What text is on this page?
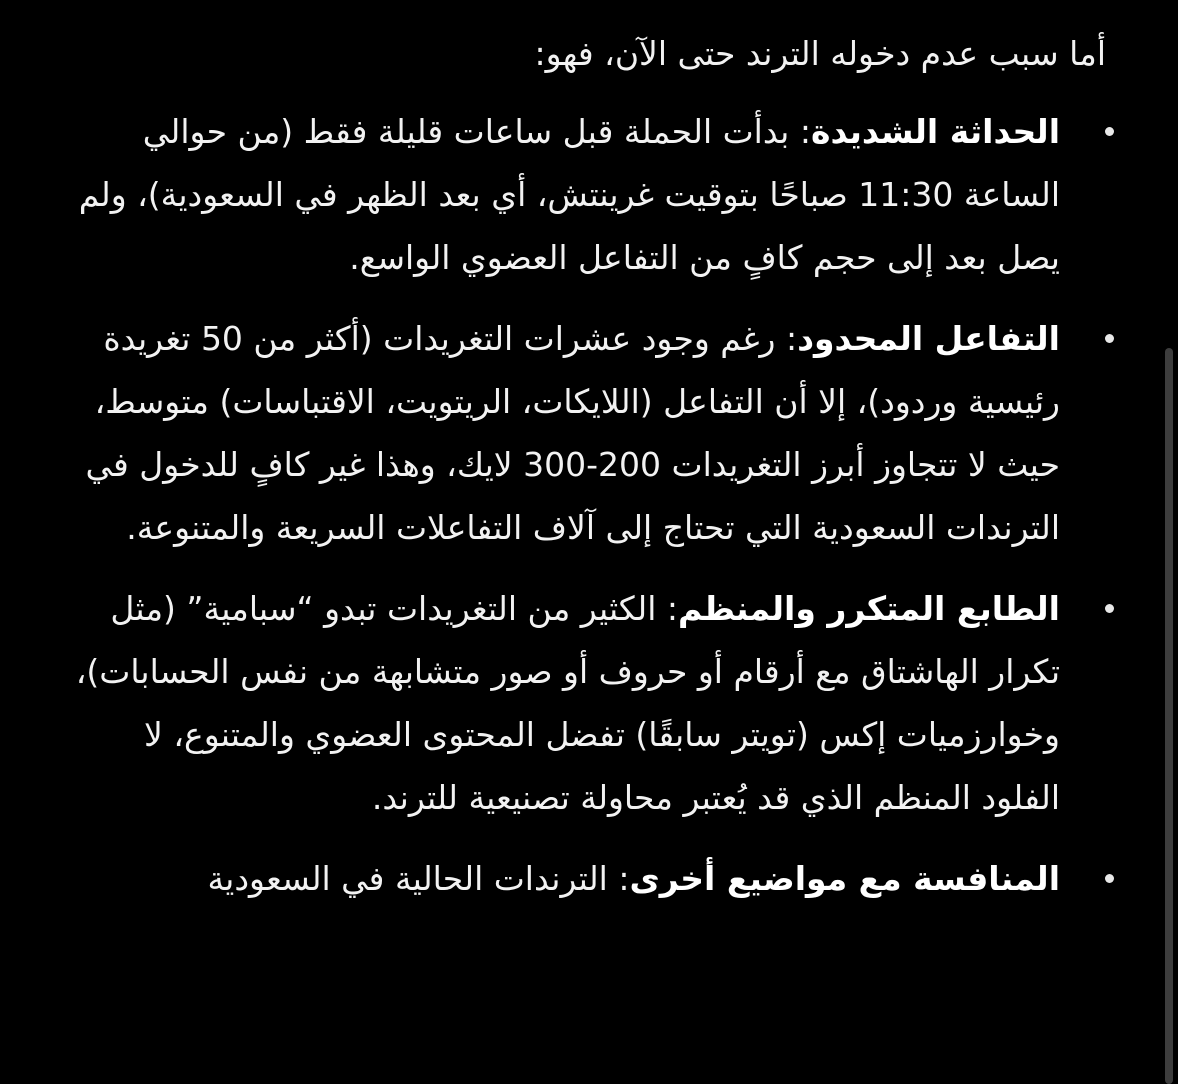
أما سبب عدم دخوله الترند حتى الآن، فهو:

الحداثة الشديدة: بدأت الحملة قبل ساعات قليلة فقط (من حوالي الساعة 11:30 صباحًا بتوقيت غرينتش، أي بعد الظهر في السعودية)، ولم يصل بعد إلى حجم كافٍ من التفاعل العضوي الواسع.
التفاعل المحدود: رغم وجود عشرات التغريدات (أكثر من 50 تغريدة رئيسية وردود)، إلا أن التفاعل (اللايكات، الريتويت، الاقتباسات) متوسط، حيث لا تتجاوز أبرز التغريدات 200-300 لايك، وهذا غير كافٍ للدخول في الترندات السعودية التي تحتاج إلى آلاف التفاعلات السريعة والمتنوعة.
الطابع المتكرر والمنظم: الكثير من التغريدات تبدو “سبامية” (مثل تكرار الهاشتاق مع أرقام أو حروف أو صور متشابهة من نفس الحسابات)، وخوارزميات إكس (تويتر سابقًا) تفضل المحتوى العضوي والمتنوع، لا الفلود المنظم الذي قد يُعتبر محاولة تصنيعية للترند.
المنافسة مع مواضيع أخرى: الترندات الحالية في السعودية
